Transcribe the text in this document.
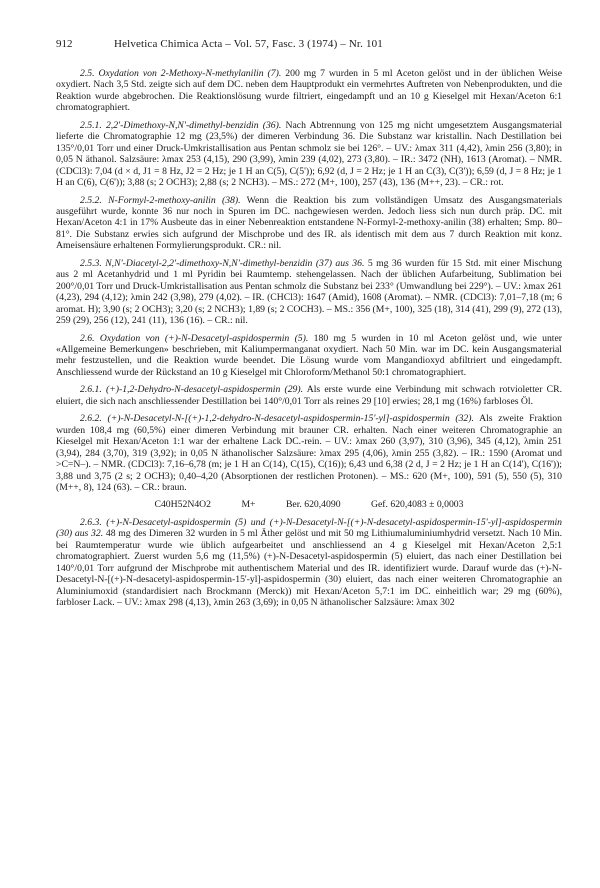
912	Helvetica Chimica Acta – Vol. 57, Fasc. 3 (1974) – Nr. 101

2.5. Oxydation von 2-Methoxy-N-methylanilin (7). 200 mg 7 wurden in 5 ml Aceton gelöst und in der üblichen Weise oxydiert. Nach 3,5 Std. zeigte sich auf dem DC. neben dem Hauptprodukt ein vermehrtes Auftreten von Nebenprodukten, und die Reaktion wurde abgebrochen. Die Reaktionslösung wurde filtriert, eingedampft und an 10 g Kieselgel mit Hexan/Aceton 6:1 chromatographiert.

2.5.1. 2,2'-Dimethoxy-N,N'-dimethyl-benzidin (36). Nach Abtrennung von 125 mg nicht umgesetztem Ausgangsmaterial lieferte die Chromatographie 12 mg (23,5%) der dimeren Verbindung 36. Die Substanz war kristallin. Nach Destillation bei 135°/0,01 Torr und einer Druck-Umkristallisation aus Pentan schmolz sie bei 126°. – UV.: λmax 311 (4,42), λmin 256 (3,80); in 0,05 N äthanol. Salzsäure: λmax 253 (4,15), 290 (3,99), λmin 239 (4,02), 273 (3,80). – IR.: 3472 (NH), 1613 (Aromat). – NMR. (CDCl3): 7,04 (d × d, J1 = 8 Hz, J2 = 2 Hz; je 1 H an C(5), C(5')); 6,92 (d, J = 2 Hz; je 1 H an C(3), C(3')); 6,59 (d, J = 8 Hz; je 1 H an C(6), C(6')); 3,88 (s; 2 OCH3); 2,88 (s; 2 NCH3). – MS.: 272 (M+, 100), 257 (43), 136 (M++, 23). – CR.: rot.

2.5.2. N-Formyl-2-methoxy-anilin (38). Wenn die Reaktion bis zum vollständigen Umsatz des Ausgangsmaterials ausgeführt wurde, konnte 36 nur noch in Spuren im DC. nachgewiesen werden. Jedoch liess sich nun durch präp. DC. mit Hexan/Aceton 4:1 in 17% Ausbeute das in einer Nebenreaktion entstandene N-Formyl-2-methoxy-anilin (38) erhalten; Smp. 80–81°. Die Substanz erwies sich aufgrund der Mischprobe und des IR. als identisch mit dem aus 7 durch Reaktion mit konz. Ameisensäure erhaltenen Formylierungsprodukt. CR.: nil.

2.5.3. N,N'-Diacetyl-2,2'-dimethoxy-N,N'-dimethyl-benzidin (37) aus 36. 5 mg 36 wurden für 15 Std. mit einer Mischung aus 2 ml Acetanhydrid und 1 ml Pyridin bei Raumtemp. stehengelassen. Nach der üblichen Aufarbeitung, Sublimation bei 200°/0,01 Torr und Druck-Umkristallisation aus Pentan schmolz die Substanz bei 233° (Umwandlung bei 229°). – UV.: λmax 261 (4,23), 294 (4,12); λmin 242 (3,98), 279 (4,02). – IR. (CHCl3): 1647 (Amid), 1608 (Aromat). – NMR. (CDCl3): 7,01–7,18 (m; 6 aromat. H); 3,90 (s; 2 OCH3); 3,20 (s; 2 NCH3); 1,89 (s; 2 COCH3). – MS.: 356 (M+, 100), 325 (18), 314 (41), 299 (9), 272 (13), 259 (29), 256 (12), 241 (11), 136 (16). – CR.: nil.

2.6. Oxydation von (+)-N-Desacetyl-aspidospermin (5). 180 mg 5 wurden in 10 ml Aceton gelöst und, wie unter «Allgemeine Bemerkungen» beschrieben, mit Kaliumpermanganat oxydiert. Nach 50 Min. war im DC. kein Ausgangsmaterial mehr festzustellen, und die Reaktion wurde beendet. Die Lösung wurde vom Mangandioxyd abfiltriert und eingedampft. Anschliessend wurde der Rückstand an 10 g Kieselgel mit Chloroform/Methanol 50:1 chromatographiert.

2.6.1. (+)-1,2-Dehydro-N-desacetyl-aspidospermin (29). Als erste wurde eine Verbindung mit schwach rotvioletter CR. eluiert, die sich nach anschliessender Destillation bei 140°/0,01 Torr als reines 29 [10] erwies; 28,1 mg (16%) farbloses Öl.

2.6.2. (+)-N-Desacetyl-N-[(+)-1,2-dehydro-N-desacetyl-aspidospermin-15'-yl]-aspidospermin (32). Als zweite Fraktion wurden 108,4 mg (60,5%) einer dimeren Verbindung mit brauner CR. erhalten. Nach einer weiteren Chromatographie an Kieselgel mit Hexan/Aceton 1:1 war der erhaltene Lack DC.-rein. – UV.: λmax 260 (3,97), 310 (3,96), 345 (4,12), λmin 251 (3,94), 284 (3,70), 319 (3,92); in 0,05 N äthanolischer Salzsäure: λmax 295 (4,06), λmin 255 (3,82). – IR.: 1590 (Aromat und >C=N–). – NMR. (CDCl3): 7,16–6,78 (m; je 1 H an C(14), C(15), C(16)); 6,43 und 6,38 (2 d, J = 2 Hz; je 1 H an C(14'), C(16')); 3,88 und 3,75 (2 s; 2 OCH3); 0,40–4,20 (Absorptionen der restlichen Protonen). – MS.: 620 (M+, 100), 591 (5), 550 (5), 310 (M++, 8), 124 (63). – CR.: braun.

C40H52N4O2	M+	Ber. 620,4090	Gef. 620,4083 ± 0,0003

2.6.3. (+)-N-Desacetyl-aspidospermin (5) und (+)-N-Desacetyl-N-[(+)-N-desacetyl-aspidospermin-15'-yl]-aspidospermin (30) aus 32. 48 mg des Dimeren 32 wurden in 5 ml Äther gelöst und mit 50 mg Lithiumaluminiumhydrid versetzt. Nach 10 Min. bei Raumtemperatur wurde wie üblich aufgearbeitet und anschliessend an 4 g Kieselgel mit Hexan/Aceton 2,5:1 chromatographiert. Zuerst wurden 5,6 mg (11,5%) (+)-N-Desacetyl-aspidospermin (5) eluiert, das nach einer Destillation bei 140°/0,01 Torr aufgrund der Mischprobe mit authentischem Material und des IR. identifiziert wurde. Darauf wurde das (+)-N-Desacetyl-N-[(+)-N-desacetyl-aspidospermin-15'-yl]-aspidospermin (30) eluiert, das nach einer weiteren Chromatographie an Aluminiumoxid (standardisiert nach Brockmann (Merck)) mit Hexan/Aceton 5,7:1 im DC. einheitlich war; 29 mg (60%), farbloser Lack. – UV.: λmax 298 (4,13), λmin 263 (3,69); in 0,05 N äthanolischer Salzsäure: λmax 302
